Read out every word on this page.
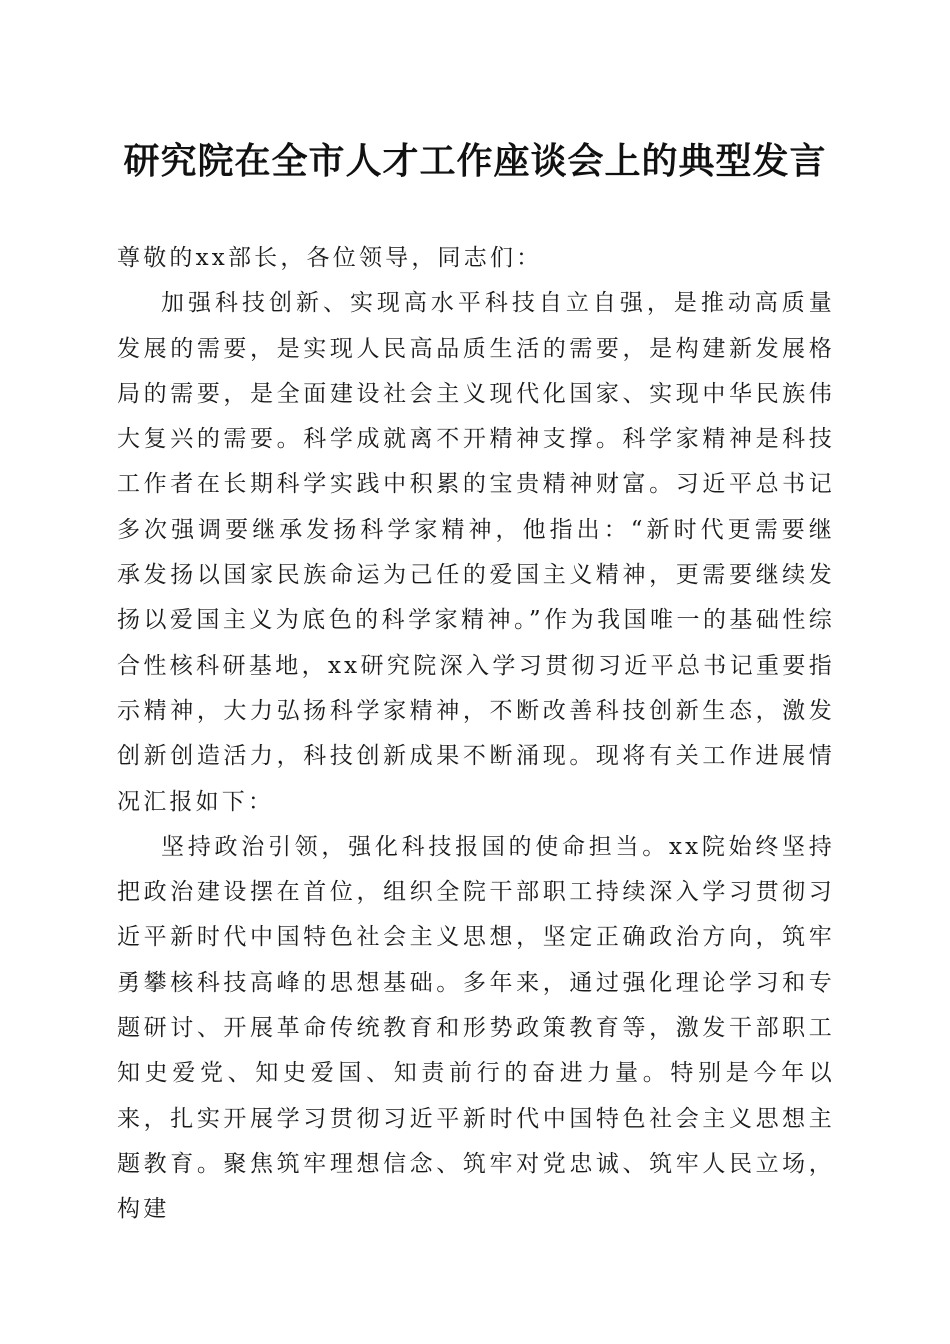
研究院在全市人才工作座谈会上的典型发言

尊敬的xx部长，各位领导，同志们：

加强科技创新、实现高水平科技自立自强，是推动高质量发展的需要，是实现人民高品质生活的需要，是构建新发展格局的需要，是全面建设社会主义现代化国家、实现中华民族伟大复兴的需要。科学成就离不开精神支撑。科学家精神是科技工作者在长期科学实践中积累的宝贵精神财富。习近平总书记多次强调要继承发扬科学家精神，他指出：“新时代更需要继承发扬以国家民族命运为己任的爱国主义精神，更需要继续发扬以爱国主义为底色的科学家精神。”作为我国唯一的基础性综合性核科研基地，xx研究院深入学习贯彻习近平总书记重要指示精神，大力弘扬科学家精神，不断改善科技创新生态，激发创新创造活力，科技创新成果不断涌现。现将有关工作进展情况汇报如下：

坚持政治引领，强化科技报国的使命担当。xx院始终坚持把政治建设摆在首位，组织全院干部职工持续深入学习贯彻习近平新时代中国特色社会主义思想，坚定正确政治方向，筑牢勇攀核科技高峰的思想基础。多年来，通过强化理论学习和专题研讨、开展革命传统教育和形势政策教育等，激发干部职工知史爱党、知史爱国、知责前行的奋进力量。特别是今年以来，扎实开展学习贯彻习近平新时代中国特色社会主义思想主题教育。聚焦筑牢理想信念、筑牢对党忠诚、筑牢人民立场，构建
